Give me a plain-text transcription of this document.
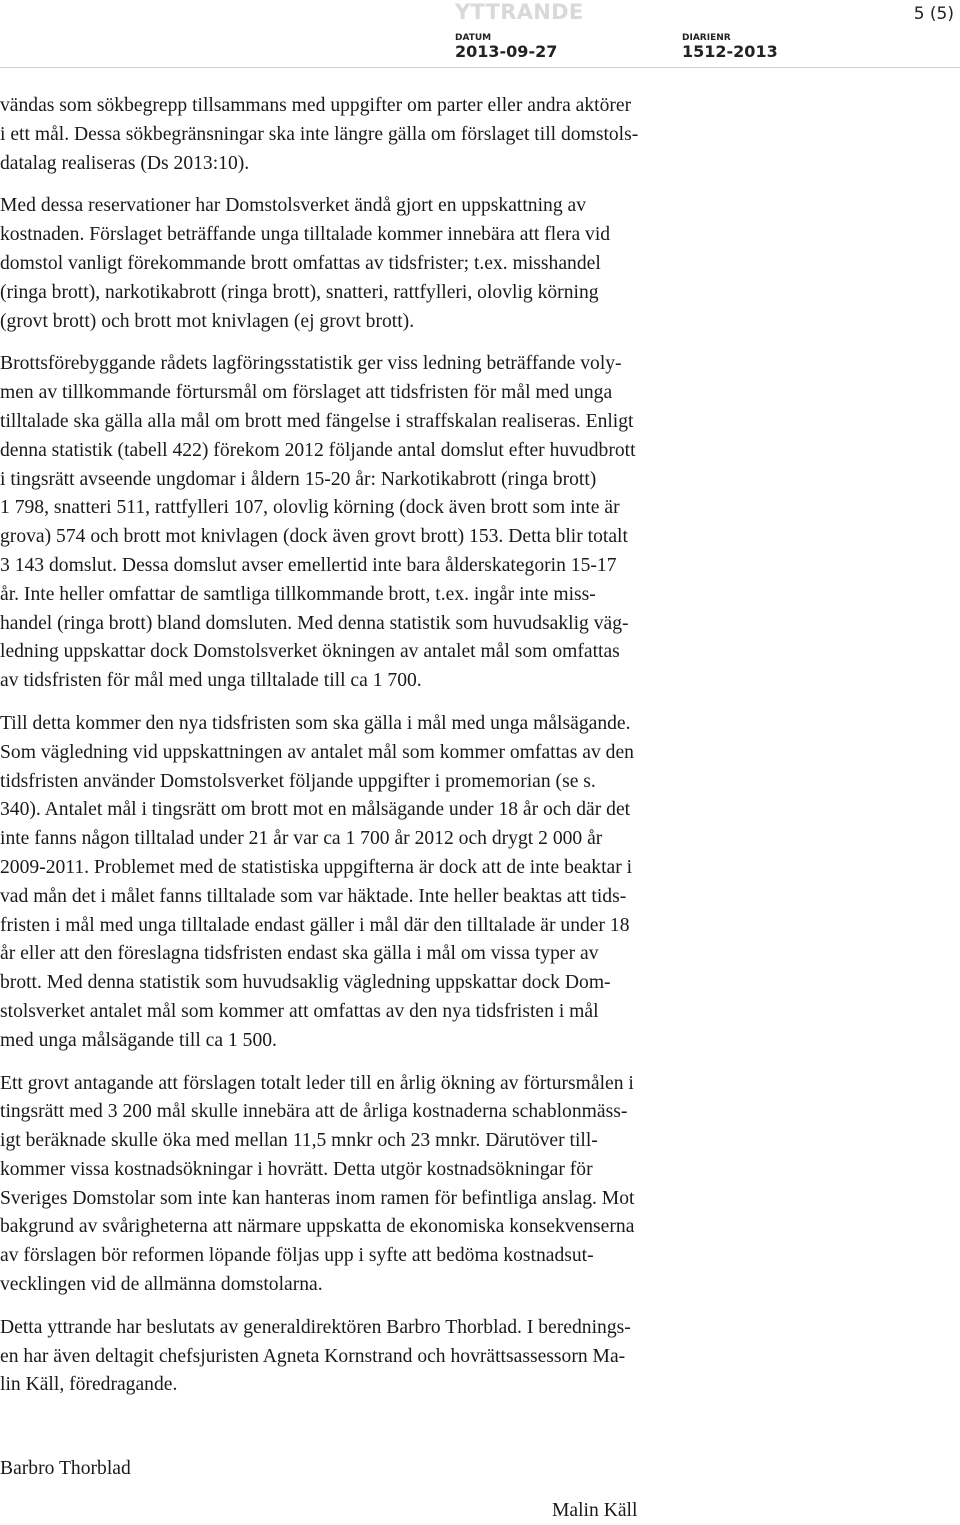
YTTRANDE	5 (5)
DATUM
2013-09-27
DIARIENR
1512-2013

vändas som sökbegrepp tillsammans med uppgifter om parter eller andra aktörer
i ett mål. Dessa sökbegränsningar ska inte längre gälla om förslaget till domstols-
datalag realiseras (Ds 2013:10).

Med dessa reservationer har Domstolsverket ändå gjort en uppskattning av
kostnaden. Förslaget beträffande unga tilltalade kommer innebära att flera vid
domstol vanligt förekommande brott omfattas av tidsfrister; t.ex. misshandel
(ringa brott), narkotikabrott (ringa brott), snatteri, rattfylleri, olovlig körning
(grovt brott) och brott mot knivlagen (ej grovt brott).

Brottsförebyggande rådets lagföringsstatistik ger viss ledning beträffande voly-
men av tillkommande förtursmål om förslaget att tidsfristen för mål med unga
tilltalade ska gälla alla mål om brott med fängelse i straffskalan realiseras. Enligt
denna statistik (tabell 422) förekom 2012 följande antal domslut efter huvudbrott
i tingsrätt avseende ungdomar i åldern 15-20 år: Narkotikabrott (ringa brott)
1 798, snatteri 511, rattfylleri 107, olovlig körning (dock även brott som inte är
grova) 574 och brott mot knivlagen (dock även grovt brott) 153. Detta blir totalt
3 143 domslut. Dessa domslut avser emellertid inte bara ålderskategorin 15-17
år. Inte heller omfattar de samtliga tillkommande brott, t.ex. ingår inte miss-
handel (ringa brott) bland domsluten. Med denna statistik som huvudsaklig väg-
ledning uppskattar dock Domstolsverket ökningen av antalet mål som omfattas
av tidsfristen för mål med unga tilltalade till ca 1 700.

Till detta kommer den nya tidsfristen som ska gälla i mål med unga målsägande.
Som vägledning vid uppskattningen av antalet mål som kommer omfattas av den
tidsfristen använder Domstolsverket följande uppgifter i promemorian (se s.
340). Antalet mål i tingsrätt om brott mot en målsägande under 18 år och där det
inte fanns någon tilltalad under 21 år var ca 1 700 år 2012 och drygt 2 000 år
2009-2011. Problemet med de statistiska uppgifterna är dock att de inte beaktar i
vad mån det i målet fanns tilltalade som var häktade. Inte heller beaktas att tids-
fristen i mål med unga tilltalade endast gäller i mål där den tilltalade är under 18
år eller att den föreslagna tidsfristen endast ska gälla i mål om vissa typer av
brott. Med denna statistik som huvudsaklig vägledning uppskattar dock Dom-
stolsverket antalet mål som kommer att omfattas av den nya tidsfristen i mål
med unga målsägande till ca 1 500.

Ett grovt antagande att förslagen totalt leder till en årlig ökning av förtursmålen i
tingsrätt med 3 200 mål skulle innebära att de årliga kostnaderna schablonmäss-
igt beräknade skulle öka med mellan 11,5 mnkr och 23 mnkr. Därutöver till-
kommer vissa kostnadsökningar i hovrätt. Detta utgör kostnadsökningar för
Sveriges Domstolar som inte kan hanteras inom ramen för befintliga anslag. Mot
bakgrund av svårigheterna att närmare uppskatta de ekonomiska konsekvenserna
av förslagen bör reformen löpande följas upp i syfte att bedöma kostnadsut-
vecklingen vid de allmänna domstolarna.

Detta yttrande har beslutats av generaldirektören Barbro Thorblad. I berednings-
en har även deltagit chefsjuristen Agneta Kornstrand och hovrättsassessorn Ma-
lin Käll, föredragande.

Barbro Thorblad
Malin Käll
